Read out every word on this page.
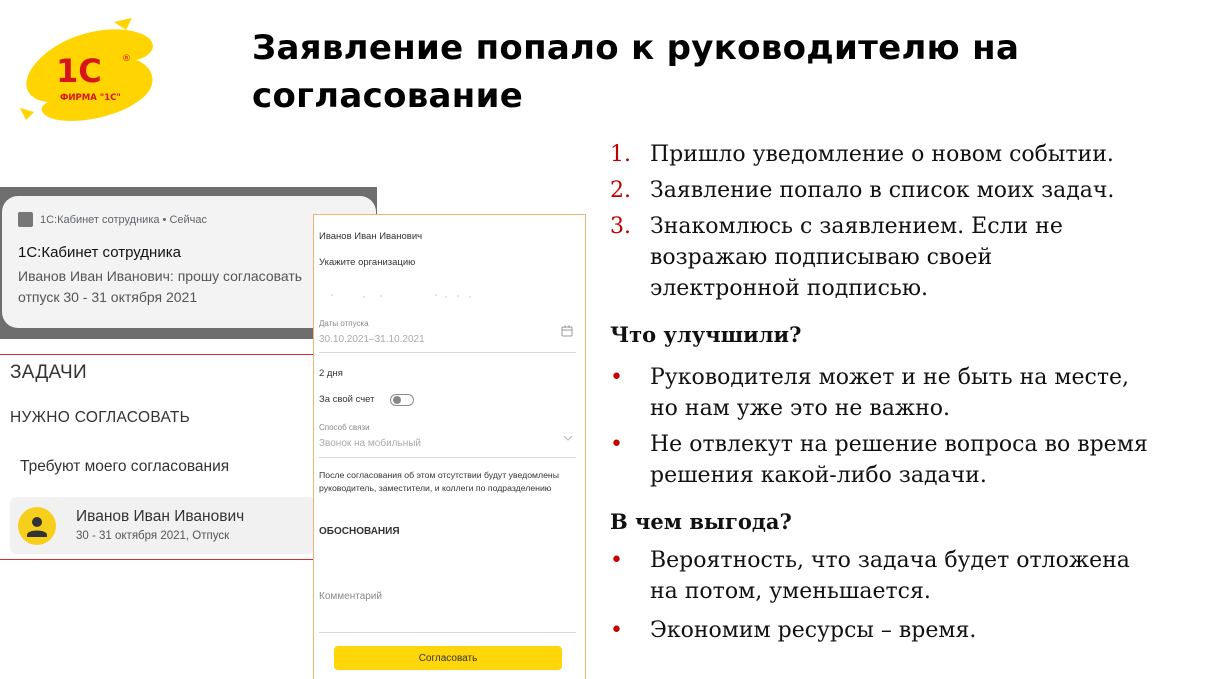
1С ®
ФИРМА "1С"
Заявление попало к руководителю на
согласование
1С:Кабинет сотрудника • Сейчас
1С:Кабинет сотрудника
Иванов Иван Иванович: прошу согласовать
отпуск 30 - 31 октября 2021
ЗАДАЧИ
НУЖНО СОГЛАСОВАТЬ
Требуют моего согласования
Иванов Иван Иванович
30 - 31 октября 2021, Отпуск
Иванов Иван Иванович
Укажите организацию
Даты отпуска
30.10.2021–31.10.2021
2 дня
За свой счет
Способ связи
Звонок на мобильный
После согласования об этом отсутствии будут уведомлены руководитель, заместители, и коллеги по подразделению
ОБОСНОВАНИЯ
Комментарий
Согласовать
1. Пришло уведомление о новом событии.
2. Заявление попало в список моих задач.
3. Знакомлюсь с заявлением. Если не
возражаю подписываю своей
электронной подписью.
Что улучшили?
• Руководителя может и не быть на месте,
но нам уже это не важно.
• Не отвлекут на решение вопроса во время
решения какой-либо задачи.
В чем выгода?
• Вероятность, что задача будет отложена
на потом, уменьшается.
• Экономим ресурсы – время.
